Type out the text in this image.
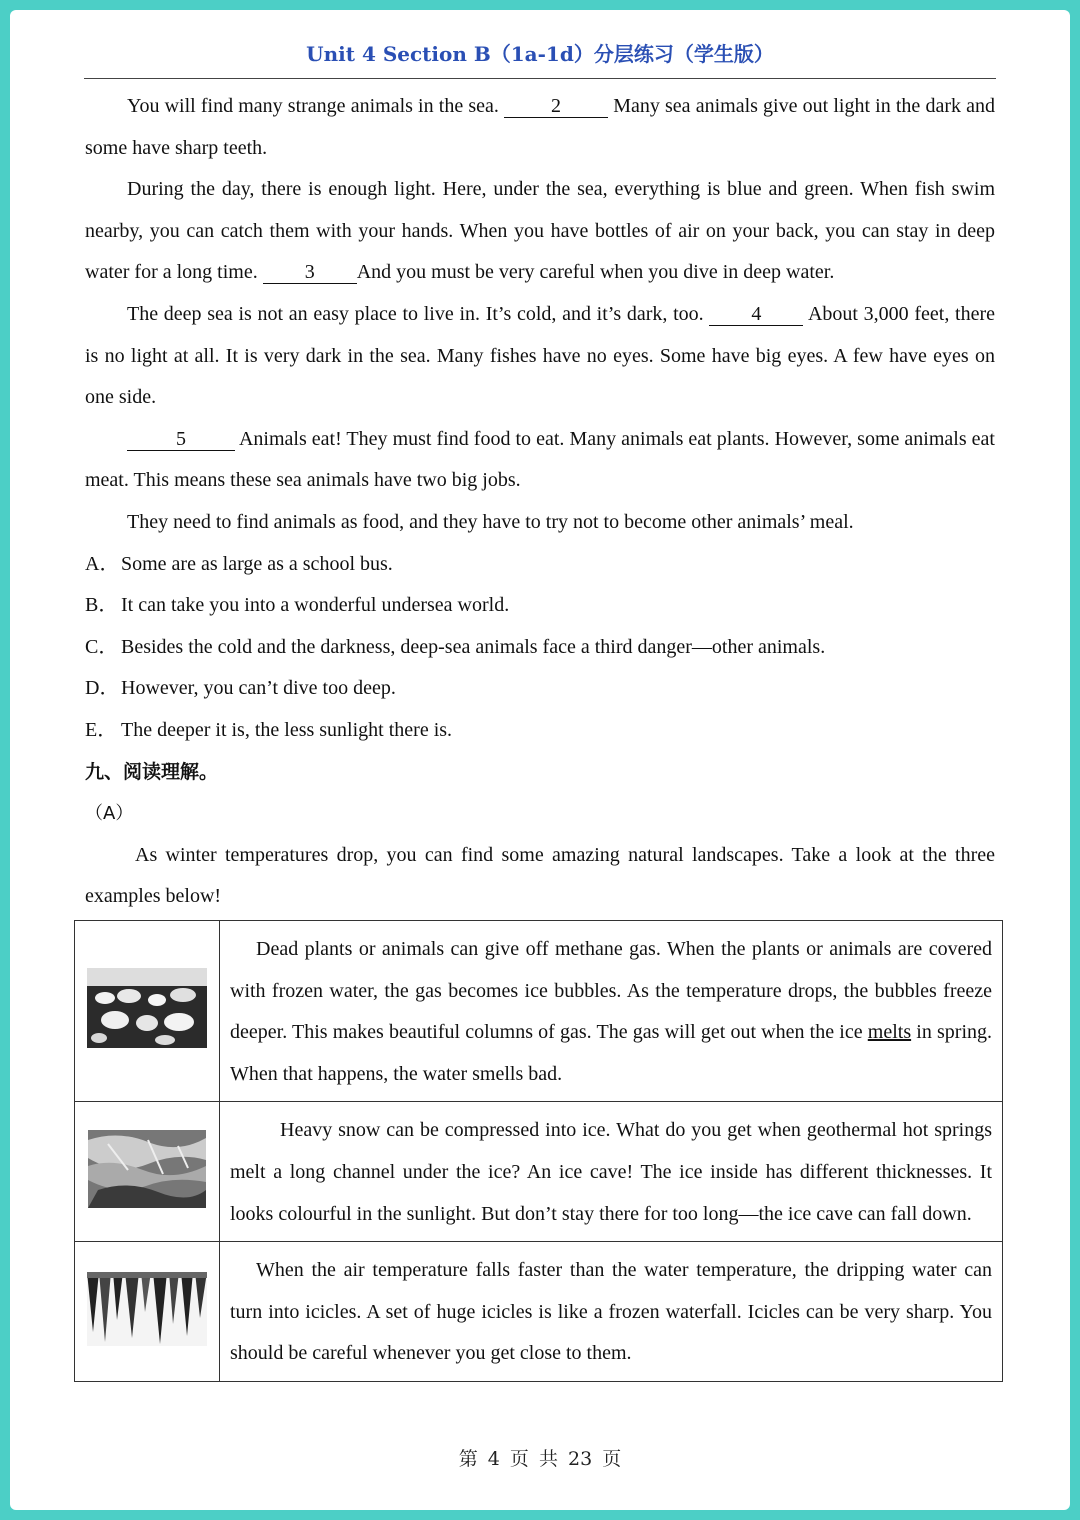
Unit 4 Section B（1a-1d）分层练习（学生版）

You will find many strange animals in the sea.	2	Many sea animals give out light in the dark and some have sharp teeth.

During the day, there is enough light. Here, under the sea, everything is blue and green. When fish swim nearby, you can catch them with your hands. When you have bottles of air on your back, you can stay in deep water for a long time. 3 And you must be very careful when you dive in deep water.

The deep sea is not an easy place to live in. It’s cold, and it’s dark, too. 4 About 3,000 feet, there is no light at all. It is very dark in the sea. Many fishes have no eyes. Some have big eyes. A few have eyes on one side.

5	Animals eat! They must find food to eat. Many animals eat plants. However, some animals eat meat. This means these sea animals have two big jobs.

They need to find animals as food, and they have to try not to become other animals’ meal.

A．Some are as large as a school bus.

B． It can take you into a wonderful undersea world.

C． Besides the cold and the darkness, deep-sea animals face a third danger—other animals.

D．However, you can’t dive too deep.

E． The deeper it is, the less sunlight there is.

九、阅读理解。

（A）

As winter temperatures drop, you can find some amazing natural landscapes. Take a look at the three examples below!

Dead plants or animals can give off methane gas. When the plants or animals are covered with frozen water, the gas becomes ice bubbles. As the temperature drops, the bubbles freeze deeper. This makes beautiful columns of gas. The gas will get out when the ice melts in spring. When that happens, the water smells bad.

Heavy snow can be compressed into ice. What do you get when geothermal hot springs melt a long channel under the ice? An ice cave! The ice inside has different thicknesses. It looks colourful in the sunlight. But don’t stay there for too long—the ice cave can fall down.

When the air temperature falls faster than the water temperature, the dripping water can turn into icicles. A set of huge icicles is like a frozen waterfall. Icicles can be very sharp. You should be careful whenever you get close to them.

第 4 页 共 23 页
